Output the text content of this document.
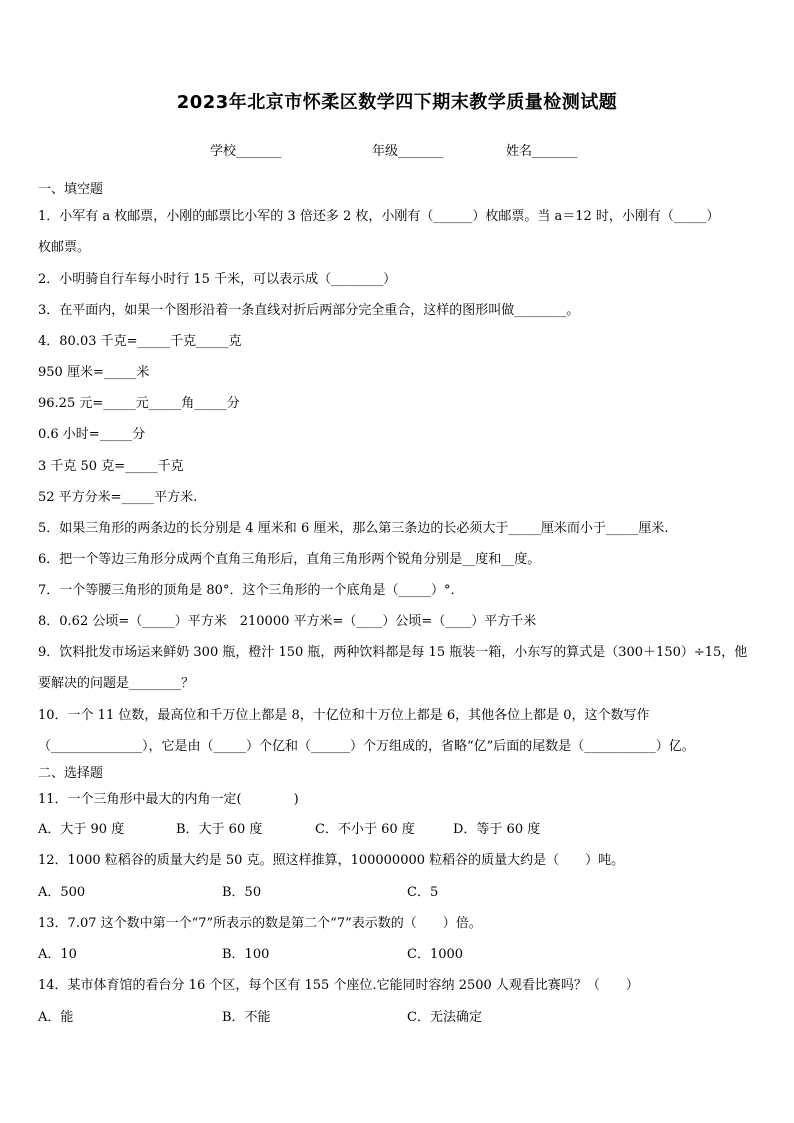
2023年北京市怀柔区数学四下期末教学质量检测试题
学校_______	年级_______	姓名_______
一、填空题
1．小军有 a 枚邮票，小刚的邮票比小军的 3 倍还多 2 枚，小刚有（______）枚邮票。当 a＝12 时，小刚有（_____）
枚邮票。
2．小明骑自行车每小时行 15 千米，可以表示成（________）
3．在平面内，如果一个图形沿着一条直线对折后两部分完全重合，这样的图形叫做________。
4．80.03 千克=_____千克_____克
950 厘米=_____米
96.25 元=_____元_____角_____分
0.6 小时=_____分
3 千克 50 克=_____千克
52 平方分米=_____平方米.
5．如果三角形的两条边的长分别是 4 厘米和 6 厘米，那么第三条边的长必须大于_____厘米而小于_____厘米.
6．把一个等边三角形分成两个直角三角形后，直角三角形两个锐角分别是__度和__度。
7．一个等腰三角形的顶角是 80°．这个三角形的一个底角是（_____）°．
8．0.62 公顷=（_____）平方米　210000 平方米=（____）公顷=（____）平方千米
9．饮料批发市场运来鲜奶 300 瓶，橙汁 150 瓶，两种饮料都是每 15 瓶装一箱，小东写的算式是（300＋150）÷15，他
要解决的问题是________？
10．一个 11 位数，最高位和千万位上都是 8，十亿位和十万位上都是 6，其他各位上都是 0，这个数写作
（______________），它是由（_____）个亿和（______）个万组成的，省略“亿”后面的尾数是（___________）亿。
二、选择题
11．一个三角形中最大的内角一定(　　　　)
A．大于 90 度	B．大于 60 度	C．不小于 60 度	D．等于 60 度
12．1000 粒稻谷的质量大约是 50 克。照这样推算，100000000 粒稻谷的质量大约是（　　）吨。
A．500	B．50	C．5
13．7.07 这个数中第一个“7”所表示的数是第二个“7”表示数的（　　）倍。
A．10	B．100	C．1000
14．某市体育馆的看台分 16 个区，每个区有 155 个座位.它能同时容纳 2500 人观看比赛吗？（　　）
A．能	B．不能	C．无法确定
